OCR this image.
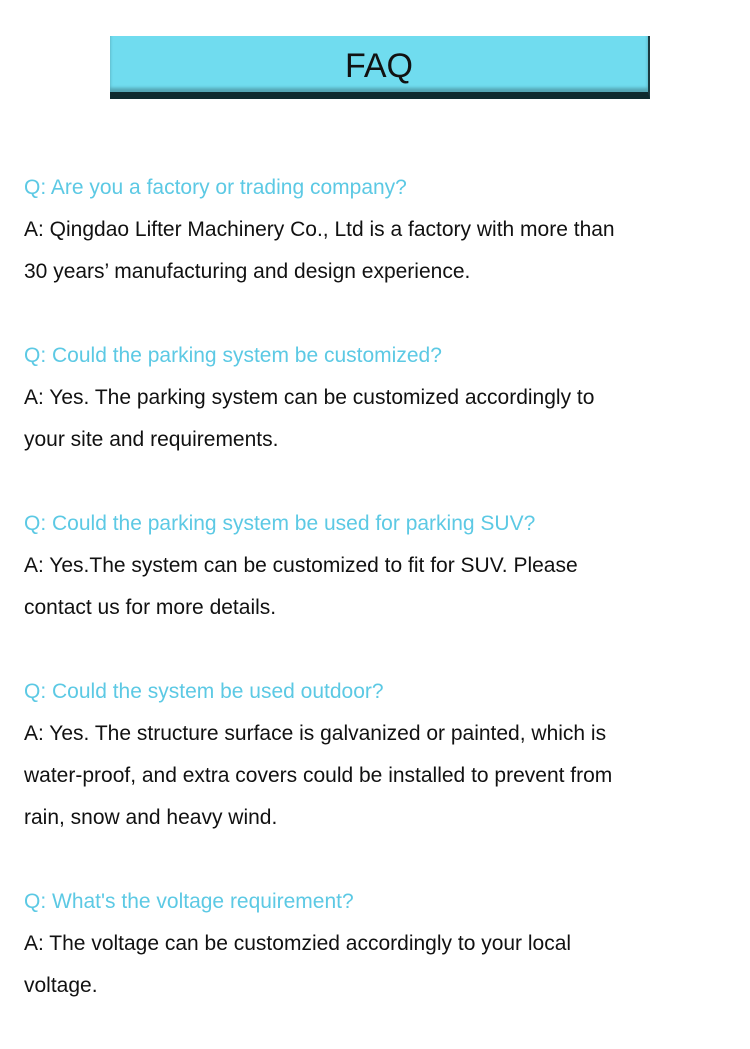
FAQ
Q: Are you a factory or trading company?
A: Qingdao Lifter Machinery Co., Ltd is a factory with more than
30 years’ manufacturing and design experience.
Q: Could the parking system be customized?
A: Yes. The parking system can be customized accordingly to
your site and requirements.
Q: Could the parking system be used for parking SUV?
A: Yes.The system can be customized to fit for SUV. Please
contact us for more details.
Q: Could the system be used outdoor?
A: Yes. The structure surface is galvanized or painted, which is
water-proof, and extra covers could be installed to prevent from
rain, snow and heavy wind.
Q: What's the voltage requirement?
A: The voltage can be customzied accordingly to your local
voltage.
